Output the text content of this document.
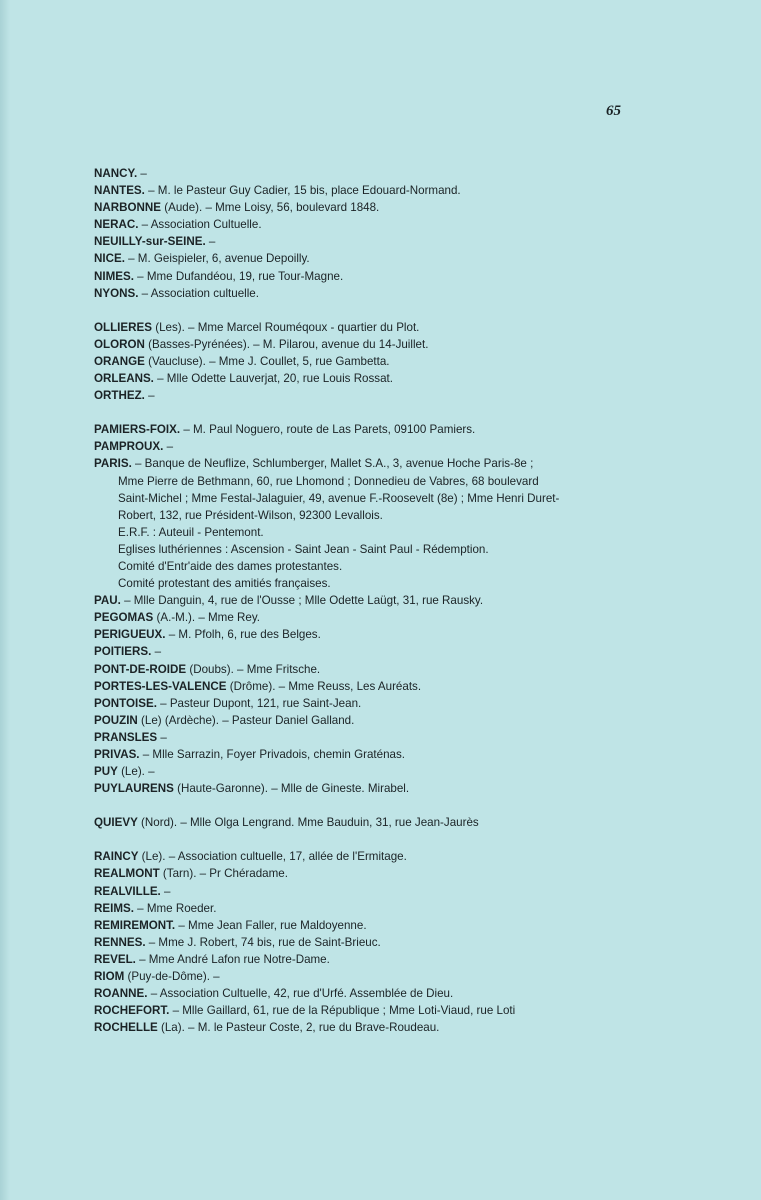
65
NANCY. –
NANTES. – M. le Pasteur Guy Cadier, 15 bis, place Edouard-Normand.
NARBONNE (Aude). – Mme Loisy, 56, boulevard 1848.
NERAC. – Association Cultuelle.
NEUILLY-sur-SEINE. –
NICE. – M. Geispieler, 6, avenue Depoilly.
NIMES. – Mme Dufandéou, 19, rue Tour-Magne.
NYONS. – Association cultuelle.
OLLIERES (Les). – Mme Marcel Rouméqoux - quartier du Plot.
OLORON (Basses-Pyrénées). – M. Pilarou, avenue du 14-Juillet.
ORANGE (Vaucluse). – Mme J. Coullet, 5, rue Gambetta.
ORLEANS. – Mlle Odette Lauverjat, 20, rue Louis Rossat.
ORTHEZ. –
PAMIERS-FOIX. – M. Paul Noguero, route de Las Parets, 09100 Pamiers.
PAMPROUX. –
PARIS. – Banque de Neuflize, Schlumberger, Mallet S.A., 3, avenue Hoche Paris-8e ;
Mme Pierre de Bethmann, 60, rue Lhomond ; Donnedieu de Vabres, 68 boulevard
Saint-Michel ; Mme Festal-Jalaguier, 49, avenue F.-Roosevelt (8e) ; Mme Henri Duret-
Robert, 132, rue Président-Wilson, 92300 Levallois.
E.R.F. : Auteuil - Pentemont.
Eglises luthériennes : Ascension - Saint Jean - Saint Paul - Rédemption.
Comité d'Entr'aide des dames protestantes.
Comité protestant des amitiés françaises.
PAU. – Mlle Danguin, 4, rue de l'Ousse ; Mlle Odette Laügt, 31, rue Rausky.
PEGOMAS (A.-M.). – Mme Rey.
PERIGUEUX. – M. Pfolh, 6, rue des Belges.
POITIERS. –
PONT-DE-ROIDE (Doubs). – Mme Fritsche.
PORTES-LES-VALENCE (Drôme). – Mme Reuss, Les Auréats.
PONTOISE. – Pasteur Dupont, 121, rue Saint-Jean.
POUZIN (Le) (Ardèche). – Pasteur Daniel Galland.
PRANSLES –
PRIVAS. – Mlle Sarrazin, Foyer Privadois, chemin Graténas.
PUY (Le). –
PUYLAURENS (Haute-Garonne). – Mlle de Gineste. Mirabel.
QUIEVY (Nord). – Mlle Olga Lengrand. Mme Bauduin, 31, rue Jean-Jaurès
RAINCY (Le). – Association cultuelle, 17, allée de l'Ermitage.
REALMONT (Tarn). – Pr Chéradame.
REALVILLE. –
REIMS. – Mme Roeder.
REMIREMONT. – Mme Jean Faller, rue Maldoyenne.
RENNES. – Mme J. Robert, 74 bis, rue de Saint-Brieuc.
REVEL. – Mme André Lafon rue Notre-Dame.
RIOM (Puy-de-Dôme). –
ROANNE. – Association Cultuelle, 42, rue d'Urfé. Assemblée de Dieu.
ROCHEFORT. – Mlle Gaillard, 61, rue de la République ; Mme Loti-Viaud, rue Loti
ROCHELLE (La). – M. le Pasteur Coste, 2, rue du Brave-Roudeau.
